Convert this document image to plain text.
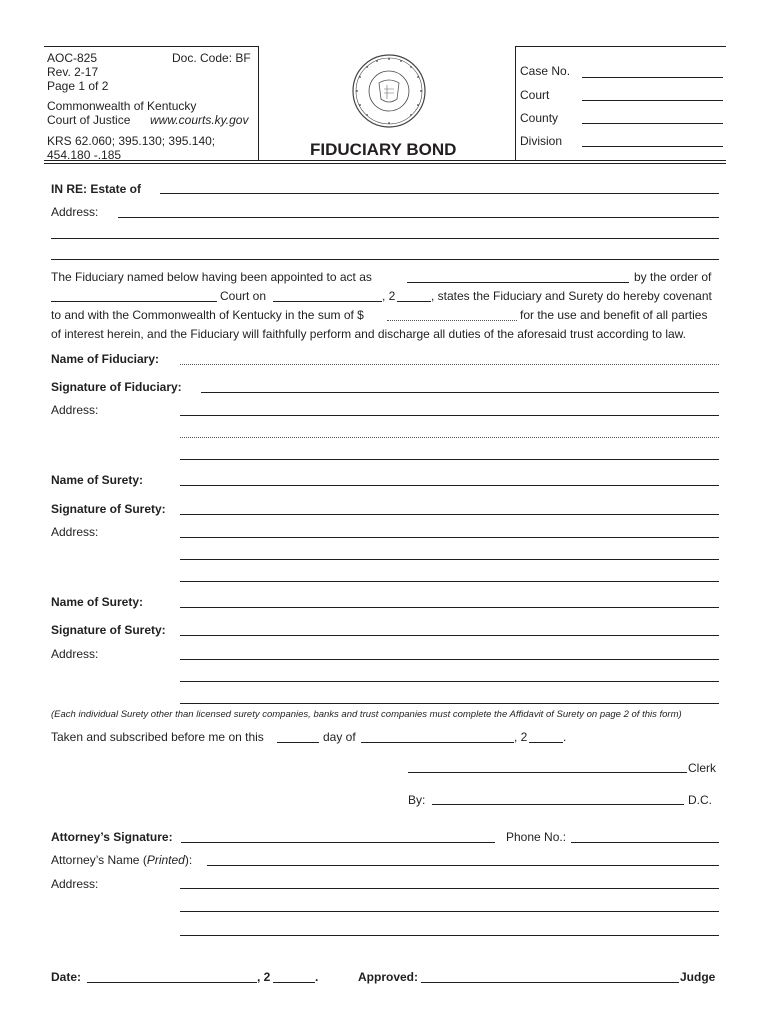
AOC-825	Doc. Code: BF
Rev. 2-17
Page 1 of 2
Commonwealth of Kentucky
Court of Justice www.courts.ky.gov
KRS 62.060; 395.130; 395.140;
454.180 -.185	FIDUCIARY BOND
Case No.
Court
County
Division
IN RE: Estate of
Address:
The Fiduciary named below having been appointed to act as	by the order of
Court on	, 2	, states the Fiduciary and Surety do hereby covenant
to and with the Commonwealth of Kentucky in the sum of $	for the use and benefit of all parties
of interest herein, and the Fiduciary will faithfully perform and discharge all duties of the aforesaid trust according to law.
Name of Fiduciary:
Signature of Fiduciary:
Address:
Name of Surety:
Signature of Surety:
Address:
Name of Surety:
Signature of Surety:
Address:
(Each individual Surety other than licensed surety companies, banks and trust companies must complete the Affidavit of Surety on page 2 of this form)
Taken and subscribed before me on this	day of	, 2	.
Clerk
By:	D.C.
Attorney’s Signature:	Phone No.:
Attorney’s Name (Printed):
Address:
Date:	, 2	.	Approved:	Judge
